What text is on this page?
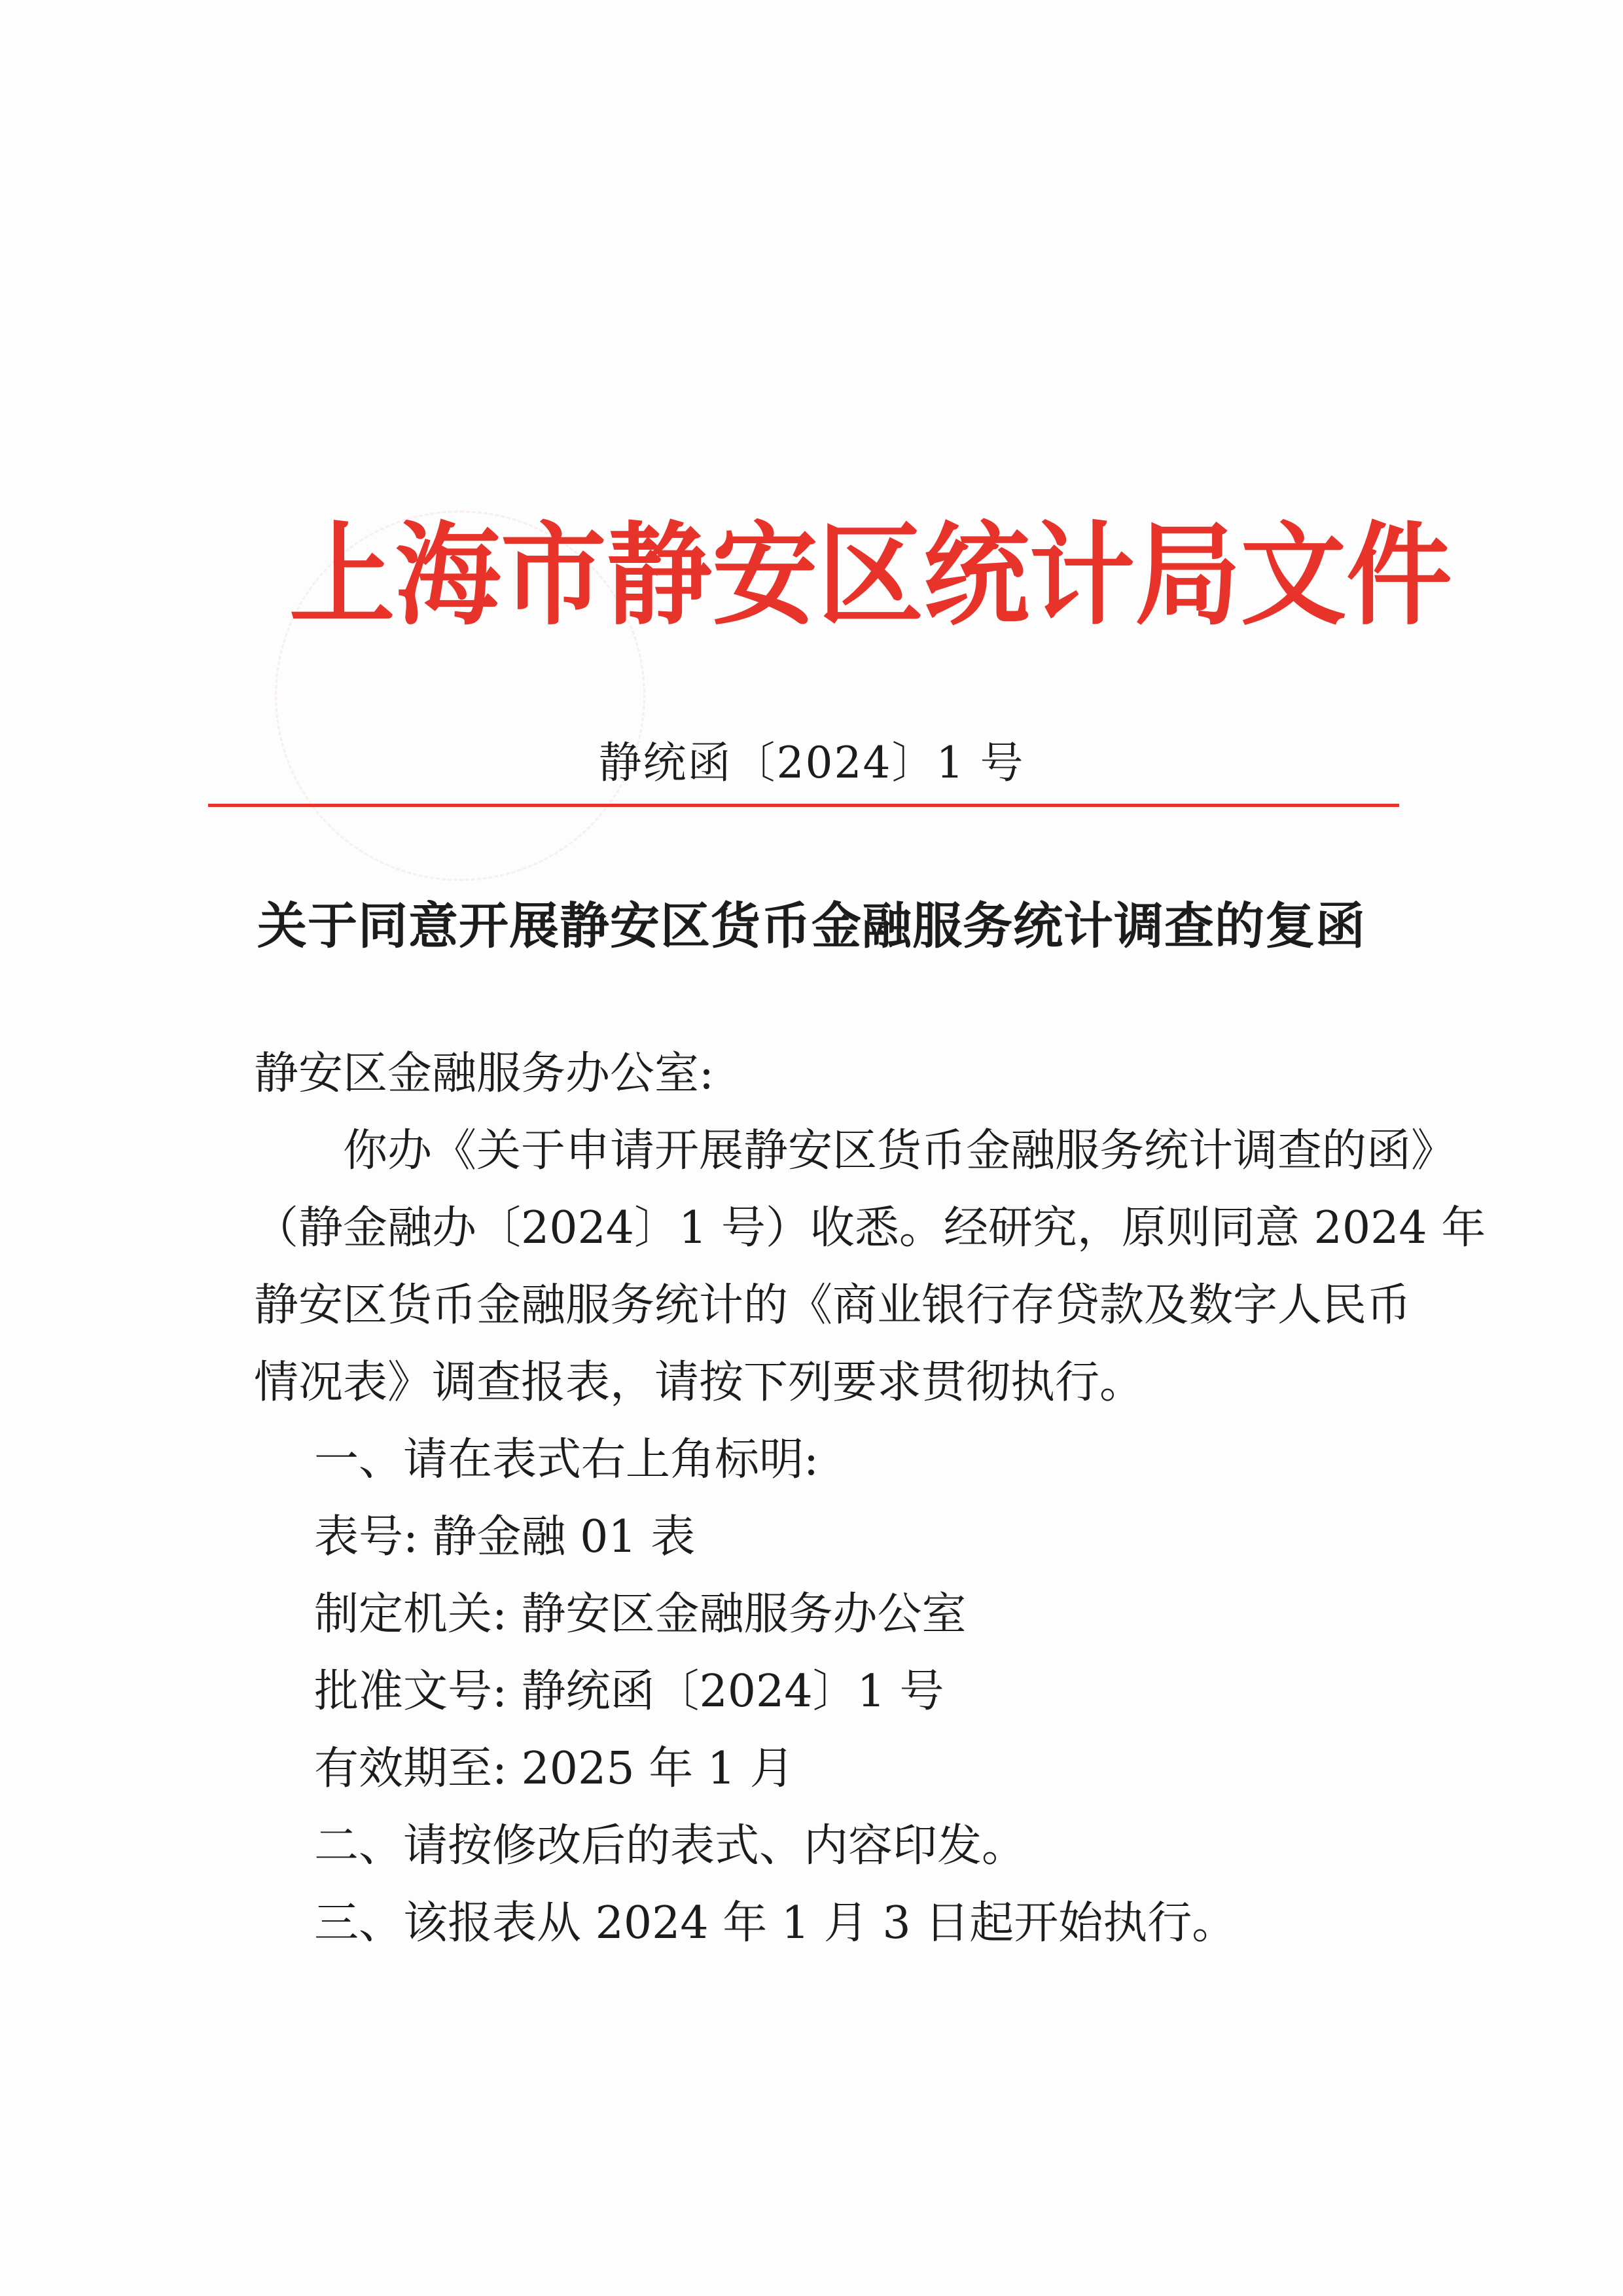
上 海 市 静 安 区 统 计 局 文 件
静统函〔2024〕1 号
关于同意开展静安区货币金融服务统计调查的复函
静安区金融服务办公室:
你办《关于申请开展静安区货币金融服务统计调查的函》
（静金融办〔2024〕1 号）收悉。经研究，原则同意 2024 年
静安区货币金融服务统计的《商业银行存贷款及数字人民币
情况表》调查报表，请按下列要求贯彻执行。
一、请在表式右上角标明:
表号: 静金融 01 表
制定机关: 静安区金融服务办公室
批准文号: 静统函〔2024〕1 号
有效期至: 2025 年 1 月
二、请按修改后的表式、内容印发。
三、该报表从 2024 年 1 月 3 日起开始执行。
